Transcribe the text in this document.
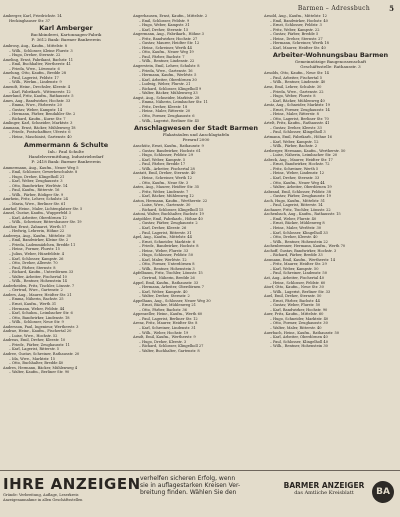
Barmen – Adressbuch	5
Amberger, Karl, Friedrichstr. 14
Heckinghauser Str. 37
Karl Amberger
Buchbinderei, Kartonnagen-Fabrik
F: 3612 Bank: Barmer Bankverein
Ambrosy, Aug., Kaufm., Mittelstr. 8
– Wilh., Schlosser, Kleine Flurstr. 3
– Hugo, Dreher, Sternstr. 22
Ameling, Ernst, Fabrikant, Bachstr. 11
– Emil, Buchhalter, Wertherstr. 41
– Frieda, Wwe., Löwenstr. 6
Amelung, Otto, Kaufm., Bredde 28
– Paul, Lagerist, Feldstr. 17
– Wilh., Werkm., Lindenstr. 9
Amendt, Heinr., Drechsler, Kleestr. 4
– Karl, Fabrikarb., Wittenerstr. 12
Amerland, Fritz, Kaufm., Rathausstr. 5
Ames, Aug., Bandwirker, Hochstr. 33
– Emma, Wwe., Färberstr. 20
– Gustav, Weber, Kampstr. 14
– Hermann, Färber, Bendahler Str. 2
– Richard, Kaufm., Kurze Str. 7
Amlinger, Karl, Schneider, Marktstr. 3
Ammann, Ernst, Bäcker, Mühlenweg 18
– Friedr., Postschaffner, Uferstr. 6
– Heinr., Maschinist, Gartenstr. 40
Ammermann & Schulte
Inh.: Paul Schulte
Handelsvermittlung, Industriebedarf
F: 2418 Bank: Barmer Bankverein
Ammermann, Aug., Kaufm., Neuer Weg 5
– Emil, Schlosser, Gewerbeschulstr. 8
– Hugo, Dreher, Klingelholl 21
– Karl, Weber, Zeughausstr. 3
– Otto, Bandwirker, Werléstr. 14
– Paul, Kaufm., Ritterstr. 16
– Wilh., Färber, Rödiger Str. 9
Amrhein, Fritz, Lehrer, Schulstr. 24
– Maria, Wwe., Berliner Str. 61
Amrhof, Heinr., Maler, Lichtenplatzer Str. 5
Amsel, Gustav, Kaufm., Wupperfeld 3
– Karl, Arbeiter, Oberdörnen 12
– Wilh., Schreiner, Rittershauser Str. 19
Amthor, Ernst, Zahnarzt, Werth 57
– Hedwig, Lehrerin, Höhne 22
Andereya, Aug., Kaufm., Mittelstr. 30
– Emil, Bandwirker, Kleine Str. 2
– Frieda, Ladenmädchen, Bredde 11
– Heinr., Former, Flurstr. 15
– Julius, Weber, Hünefeldstr. 4
– Karl, Schlosser, Kampstr. 26
– Otto, Dreher, Alleestr. 70
– Paul, Färber, Sternstr. 8
– Richard, Kaufm., Unterdörnen 33
– Walter, Arbeiter, Fischertal 10
– Wilh., Rentner, Hohenstein 14
Anderheiden, Fritz, Tischler, Lönsstr. 7
– Gertrud, Wwe., Gartenstr. 2
Anders, Aug., Maurer, Heidter Str. 21
– Emma, Näherin, Bachstr. 25
– Ernst, Kaufm., Werth 31
– Hermann, Weber, Feldstr. 44
– Karl, Schuhm., Leimbacher Str. 6
– Otto, Bandwirker, Lindenstr. 18
– Wilh., Schlosser, Neue Str. 9
Andersson, Paul, Ingenieur, Wertherstr. 3
Andrae, Heinr., Kaufm., Fischertal 20
– Luise, Wwe., Hochstr. 52
Andreas, Emil, Dreher, Kleestr. 10
– Friedr., Färber, Zeughausstr. 11
– Karl, Lagerist, Ritterstr. 5
Andree, Gustav, Schreiner, Rathausstr. 20
– Ida, Wwe., Marktstr. 15
– Otto, Buchhalter, Bredde 40
Andres, Hermann, Bäcker, Mühlenweg 4
– Walter, Kaufm., Berliner Str. 90
Angerhausen, Ernst, Kaufm., Mittelstr. 2
– Emil, Schlosser, Feldstr. 9
– Hugo, Weber, Kampstr. 31
– Karl, Dreher, Sternstr. 15
Angermann, Aug., Fabrikarb., Höhne 3
– Fritz, Bandwirker, Hochstr. 27
– Gustav, Maurer, Heidter Str. 12
– Heinr., Schreiner, Werth 44
– Otto, Kaufm., Neuer Weg 19
– Paul, Färber, Bachstr. 7
– Wilh., Rentner, Lindenstr. 22
Angerstein, Emil, Lehrer, Schulstr. 8
– Frieda, Wwe., Gartenstr. 16
– Hermann, Kaufm., Werléstr. 5
– Karl, Arbeiter, Oberdörnen 30
– Ludwig, Weber, Flurstr. 21
– Richard, Schlosser, Klingelholl 9
– Walter, Bäcker, Mühlenweg 33
Angst, Aug., Schneider, Marktstr. 28
– Emma, Näherin, Leimbacher Str. 11
– Fritz, Dreher, Kleestr. 18
– Heinr., Maler, Ritterstr. 20
– Otto, Former, Zeughausstr. 6
– Wilh., Lagerist, Berliner Str. 45
Anschlagwesen der Stadt Barmen
Plakatsäulen und Anschlagtafeln
Fernruf 2000
Anschütz, Ernst, Kaufm., Rathausstr. 9
– Gustav, Bandwirker, Hochstr. 61
– Hugo, Schlosser, Feldstr. 29
– Karl, Weber, Kampstr. 5
– Paul, Färber, Bredde 17
– Wilh., Arbeiter, Fischertal 28
Anstatt, Emil, Dreher, Sternstr. 40
– Heinr., Schreiner, Werth 12
– Otto, Kaufm., Neue Str. 3
Antes, Aug., Maurer, Heidter Str. 35
– Fritz, Weber, Lindenstr. 7
– Karl, Bäcker, Mühlenweg 12
Anton, Hermann, Kaufm., Wertherstr. 22
– Luise, Wwe., Gartenstr. 30
– Richard, Schlosser, Klingelholl 15
Antoni, Walter, Buchhalter, Bachstr. 19
Antpöhler, Emil, Fabrikarb., Höhne 40
– Gustav, Färber, Zeughausstr. 2
– Karl, Dreher, Kleestr. 26
– Paul, Lagerist, Ritterstr. 31
Apel, Aug., Kaufm., Mittelstr. 44
– Ernst, Schneider, Marktstr. 6
– Friedr., Bandwirker, Hochstr. 8
– Heinr., Weber, Flurstr. 33
– Hugo, Schlosser, Feldstr. 50
– Karl, Maler, Werléstr. 12
– Otto, Former, Unterdörnen 8
– Wilh., Rentner, Hohenstein 3
Apfelbaum, Fritz, Tischler, Lönsstr. 15
– Gertrud, Näherin, Bredde 26
Appel, Emil, Kaufm., Rathausstr. 33
– Hermann, Arbeiter, Oberdörnen 7
– Karl, Weber, Kampstr. 40
– Walter, Dreher, Sternstr. 2
Appelhans, Aug., Schlosser, Neuer Weg 30
– Ernst, Bäcker, Mühlenweg 21
– Otto, Färber, Bachstr. 36
Appenzeller, Heinr., Kaufm., Werth 60
– Paul, Lagerist, Berliner Str. 12
Arenz, Fritz, Maurer, Heidter Str. 8
– Karl, Schreiner, Lindenstr. 31
– Wilh., Weber, Hochstr. 19
Arndt, Emil, Kaufm., Wertherstr. 9
– Hugo, Dreher, Kleestr. 3
– Richard, Schlosser, Klingelholl 27
– Walter, Buchhalter, Gartenstr. 8
Arnold, Aug., Kaufm., Mittelstr. 12
– Emil, Bandwirker, Hochstr. 40
– Ernst, Schlosser, Feldstr. 3
– Fritz, Weber, Kampstr. 22
– Gustav, Färber, Bredde 5
– Heinr., Dreher, Sternstr. 27
– Hermann, Schreiner, Werth 18
– Karl, Maurer, Heidter Str. 40
Arbeiter-Wohnungsbau Barmen
Gemeinnützige Baugenossenschaft
Geschäftsstelle: Rathausstr. 3
Arnolds, Otto, Kaufm., Neue Str. 14
– Paul, Arbeiter, Fischertal 5
– Wilh., Rentner, Lindenstr. 40
Arns, Emil, Lehrer, Schulstr. 30
– Frieda, Wwe., Gartenstr. 22
– Hugo, Weber, Flurstr. 8
– Karl, Bäcker, Mühlenweg 40
Arntz, Aug., Schneider, Marktstr. 19
– Ernst, Former, Zeughausstr. 14
– Heinr., Maler, Ritterstr. 8
– Otto, Lagerist, Berliner Str. 70
Artelt, Fritz, Kaufm., Rathausstr. 41
– Gustav, Dreher, Kleestr. 33
– Paul, Schlosser, Klingelholl 3
Artmann, Emil, Fabrikarb., Höhne 16
– Karl, Weber, Kampstr. 12
– Wilh., Färber, Bachstr. 2
Arzberger, Hermann, Kaufm., Wertherstr. 50
– Luise, Näherin, Leimbacher Str. 20
Asbeck, Aug., Maurer, Heidter Str. 17
– Ernst, Bandwirker, Hochstr. 72
– Fritz, Schreiner, Werth 5
– Heinr., Weber, Lindenstr. 12
– Karl, Dreher, Sternstr. 33
– Otto, Kaufm., Neuer Weg 44
– Walter, Arbeiter, Oberdörnen 19
Asbrand, Emil, Schlosser, Feldstr. 38
– Gustav, Färber, Zeughausstr. 19
Asch, Hugo, Kaufm., Mittelstr. 51
– Paul, Lagerist, Ritterstr. 14
Aschauer, Fritz, Tischler, Lönsstr. 22
Aschenbach, Aug., Kaufm., Rathausstr. 15
– Emil, Weber, Flurstr. 40
– Ernst, Bäcker, Mühlenweg 8
– Heinr., Maler, Werléstr. 30
– Karl, Schlosser, Klingelholl 33
– Otto, Dreher, Kleestr. 40
– Wilh., Rentner, Hohenstein 22
Aschenbrenner, Hermann, Kaufm., Werth 70
Aschoff, Gustav, Bandwirker, Hochstr. 3
– Richard, Färber, Bredde 33
Assmann, Emil, Kaufm., Wertherstr. 14
– Fritz, Maurer, Heidter Str. 29
– Karl, Weber, Kampstr. 50
– Paul, Schreiner, Lindenstr. 50
Ast, Aug., Arbeiter, Fischertal 40
– Heinr., Schlosser, Feldstr. 60
Atorf, Otto, Kaufm., Neue Str. 30
– Wilh., Lagerist, Berliner Str. 33
Auel, Emil, Dreher, Sternstr. 50
– Ernst, Färber, Bachstr. 44
– Gustav, Weber, Flurstr. 50
– Karl, Bandwirker, Hochstr. 90
Auer, Fritz, Kaufm., Mittelstr. 60
– Hugo, Schneider, Marktstr. 40
– Otto, Former, Zeughausstr. 30
– Walter, Maler, Ritterstr. 40
Auerbach, Heinr., Kaufm., Rathausstr. 50
– Karl, Arbeiter, Oberdörnen 40
– Paul, Schlosser, Klingelholl 40
– Wilh., Rentner, Hohenstein 30
IHRE ANZEIGEN
Gründe: Verbreitung, Auflage, Leserkreis
Anzeigenannahme in allen Geschäftsstellen
verhelfen sicheren Erfolg, wenn
sie in auflagestarken Kreisen Ver-
breitung finden. Wählen Sie den
BARMER ANZEIGER
das Amtliche Kreisblatt	BA
